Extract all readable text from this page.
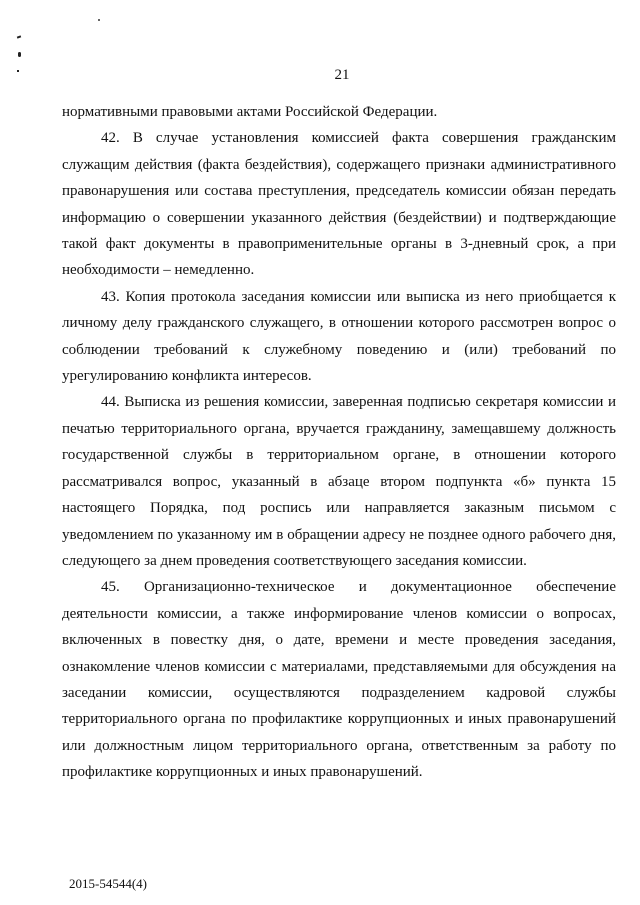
21

нормативными правовыми актами Российской Федерации.

42. В случае установления комиссией факта совершения гражданским служащим действия (факта бездействия), содержащего признаки административного правонарушения или состава преступления, председатель комиссии обязан передать информацию о совершении указанного действия (бездействии) и подтверждающие такой факт документы в правоприменительные органы в 3-дневный срок, а при необходимости – немедленно.

43. Копия протокола заседания комиссии или выписка из него приобщается к личному делу гражданского служащего, в отношении которого рассмотрен вопрос о соблюдении требований к служебному поведению и (или) требований по урегулированию конфликта интересов.

44. Выписка из решения комиссии, заверенная подписью секретаря комиссии и печатью территориального органа, вручается гражданину, замещавшему должность государственной службы в территориальном органе, в отношении которого рассматривался вопрос, указанный в абзаце втором подпункта «б» пункта 15 настоящего Порядка, под роспись или направляется заказным письмом с уведомлением по указанному им в обращении адресу не позднее одного рабочего дня, следующего за днем проведения соответствующего заседания комиссии.

45. Организационно-техническое и документационное обеспечение деятельности комиссии, а также информирование членов комиссии о вопросах, включенных в повестку дня, о дате, времени и месте проведения заседания, ознакомление членов комиссии с материалами, представляемыми для обсуждения на заседании комиссии, осуществляются подразделением кадровой службы территориального органа по профилактике коррупционных и иных правонарушений или должностным лицом территориального органа, ответственным за работу по профилактике коррупционных и иных правонарушений.

2015-54544(4)
